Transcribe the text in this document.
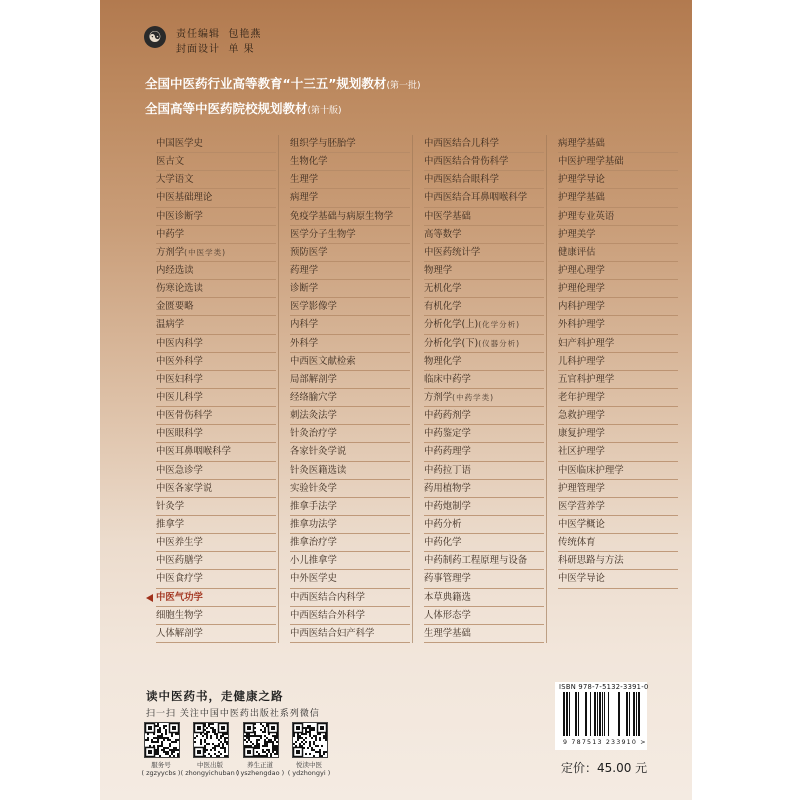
☯	责任编辑 包艳燕
封面设计 单 果
全国中医药行业高等教育“十三五”规划教材(第一批)
全国高等中医药院校规划教材(第十版)
中国医学史
医古文
大学语文
中医基础理论
中医诊断学
中药学
方剂学(中医学类)
内经选读
伤寒论选读
金匮要略
温病学
中医内科学
中医外科学
中医妇科学
中医儿科学
中医骨伤科学
中医眼科学
中医耳鼻咽喉科学
中医急诊学
中医各家学说
针灸学
推拿学
中医养生学
中医药膳学
中医食疗学
中医气功学
细胞生物学
人体解剖学
组织学与胚胎学
生物化学
生理学
病理学
免疫学基础与病原生物学
医学分子生物学
预防医学
药理学
诊断学
医学影像学
内科学
外科学
中西医文献检索
局部解剖学
经络腧穴学
刺法灸法学
针灸治疗学
各家针灸学说
针灸医籍选读
实验针灸学
推拿手法学
推拿功法学
推拿治疗学
小儿推拿学
中外医学史
中西医结合内科学
中西医结合外科学
中西医结合妇产科学
中西医结合儿科学
中西医结合骨伤科学
中西医结合眼科学
中西医结合耳鼻咽喉科学
中医学基础
高等数学
中医药统计学
物理学
无机化学
有机化学
分析化学(上)(化学分析)
分析化学(下)(仪器分析)
物理化学
临床中药学
方剂学(中药学类)
中药药剂学
中药鉴定学
中药药理学
中药拉丁语
药用植物学
中药炮制学
中药分析
中药化学
中药制药工程原理与设备
药事管理学
本草典籍选
人体形态学
生理学基础
病理学基础
中医护理学基础
护理学导论
护理学基础
护理专业英语
护理美学
健康评估
护理心理学
护理伦理学
内科护理学
外科护理学
妇产科护理学
儿科护理学
五官科护理学
老年护理学
急救护理学
康复护理学
社区护理学
中医临床护理学
护理管理学
医学营养学
中医学概论
传统体育
科研思路与方法
中医学导论
读中医药书，走健康之路
扫一扫 关注中国中医药出版社系列微信
服务号
( zgzyycbs )
中医出版
( zhongyichuban )
养生正道
( yszhengdao )
悦读中医
( ydzhongyi )
ISBN 978-7-5132-3391-0
9 787513 233910 >
定价：45.00 元
